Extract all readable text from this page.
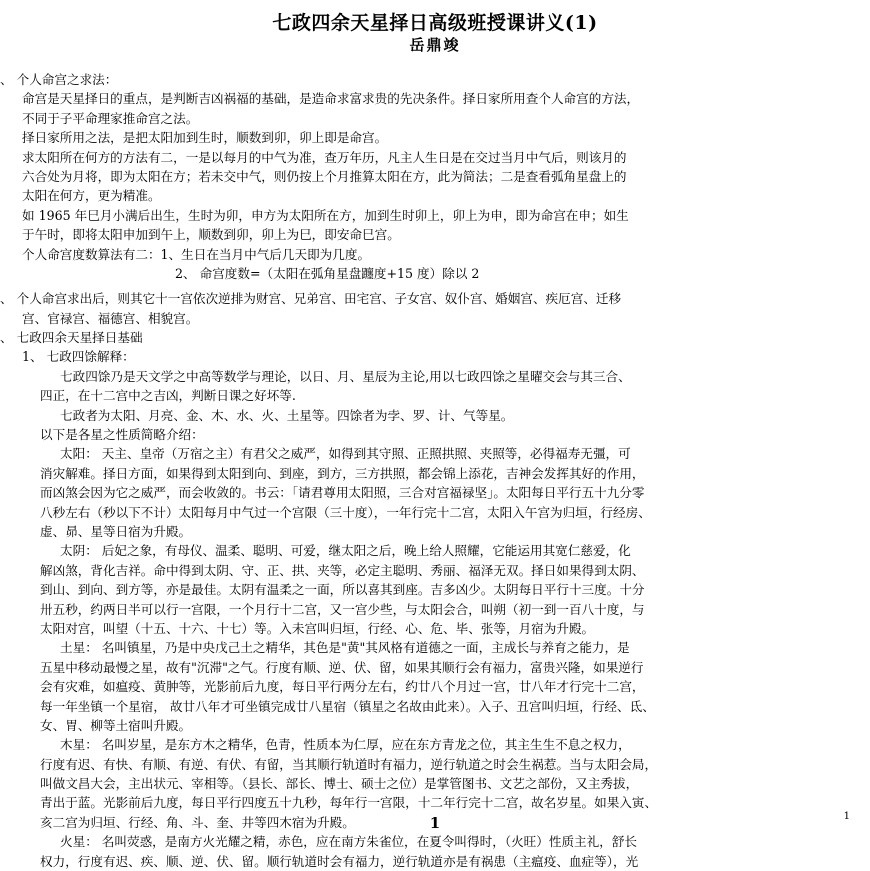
七政四余天星择日高级班授课讲义(1)
岳鼎竣
、 个人命宫之求法：
命宫是天星择日的重点，是判断吉凶祸福的基础，是造命求富求贵的先决条件。择日家所用查个人命宫的方法，
不同于子平命理家推命宫之法。
择日家所用之法，是把太阳加到生时，顺数到卯，卯上即是命宫。
求太阳所在何方的方法有二，一是以每月的中气为准，查万年历，凡主人生日是在交过当月中气后，则该月的
六合处为月将，即为太阳在方；若未交中气，则仍按上个月推算太阳在方，此为简法；二是查看弧角星盘上的
太阳在何方，更为精准。
如 1965 年巳月小满后出生，生时为卯，申方为太阳所在方，加到生时卯上，卯上为申，即为命宫在申；如生
于午时，即将太阳申加到午上，顺数到卯，卯上为巳，即安命巳宫。
个人命宫度数算法有二：1、生日在当月中气后几天即为几度。
2、 命宫度数=（太阳在弧角星盘躔度+15 度）除以 2
、 个人命宫求出后，则其它十一宫依次逆排为财宫、兄弟宫、田宅宫、子女宫、奴仆宫、婚姻宫、疾厄宫、迁移
宫、官禄宫、福德宫、相貌宫。
、 七政四余天星择日基础
1、 七政四馀解释：
七政四馀乃是天文学之中高等数学与理论，以日、月、星辰为主论,用以七政四馀之星曜交会与其三合、
四正，在十二宫中之吉凶，判断日课之好坏等.
七政者为太阳、月亮、金、木、水、火、土星等。四馀者为孛、罗、计、气等星。
以下是各星之性质简略介绍：
太阳： 天主、皇帝（万宿之主）有君父之威严，如得到其守照、正照拱照、夹照等，必得福寿无彊，可
消灾解难。择日方面，如果得到太阳到向、到座，到方，三方拱照，都会锦上添花，吉神会发挥其好的作用，
而凶煞会因为它之威严，而会收敛的。书云：「请君尊用太阳照，三合对宫福禄坚」。太阳每日平行五十九分零
八秒左右（秒以下不计）太阳每月中气过一个宫限（三十度），一年行完十二宫，太阳入午宫为归垣，行经房、
虚、昴、星等日宿为升殿。
太阴： 后妃之象，有母仪、温柔、聪明、可爱，继太阳之后，晚上给人照耀，它能运用其宽仁慈爱，化
解凶煞，背化吉祥。命中得到太阴、守、正、拱、夹等，必定主聪明、秀丽、福泽无双。择日如果得到太阴、
到山、到向、到方等，亦是最佳。太阴有温柔之一面，所以喜其到座。吉多凶少。太阴每日平行十三度。十分
卅五秒，约两日半可以行一宫限，一个月行十二宫，又一宫少些，与太阳会合，叫朔（初一到一百八十度，与
太阳对宫，叫望（十五、十六、十七）等。入未宫叫归垣，行经、心、危、毕、张等，月宿为升殿。
土星： 名叫镇星，乃是中央戊己土之精华，其色是"黄"其风格有道德之一面，主成长与养育之能力，是
五星中移动最慢之星，故有"沉滞"之气。行度有顺、逆、伏、留，如果其顺行会有福力，富贵兴隆，如果逆行
会有灾难，如瘟疫、黄肿等，光影前后九度，每日平行两分左右，约廿八个月过一宫，廿八年才行完十二宫，
每一年坐镇一个星宿， 故廿八年才可坐镇完成廿八星宿（镇星之名故由此来）。入子、丑宫叫归垣，行经、氐、
女、胃、柳等土宿叫升殿。
木星： 名叫岁星，是东方木之精华，色青，性质本为仁厚，应在东方青龙之位，其主生生不息之权力，
行度有迟、有快、有顺、有逆、有伏、有留，当其顺行轨道时有福力，逆行轨道之时会生祸惹。当与太阳会局，
叫做文昌大会，主出状元、宰相等。（县长、部长、博士、硕士之位）是掌管图书、文艺之部份，又主秀拔，
青出于蓝。光影前后九度，每日平行四度五十九秒，每年行一宫限，十二年行完十二宫，故名岁星。如果入寅、
亥二宫为归垣、行经、角、斗、奎、井等四木宿为升殿。
火星： 名叫荧惑，是南方火光耀之精，赤色，应在南方朱雀位，在夏令叫得时，（火旺）性质主礼，舒长
权力，行度有迟、疾、顺、逆、伏、留。顺行轨道时会有福力，逆行轨道亦是有祸患（主瘟疫、血症等），光
1	1
